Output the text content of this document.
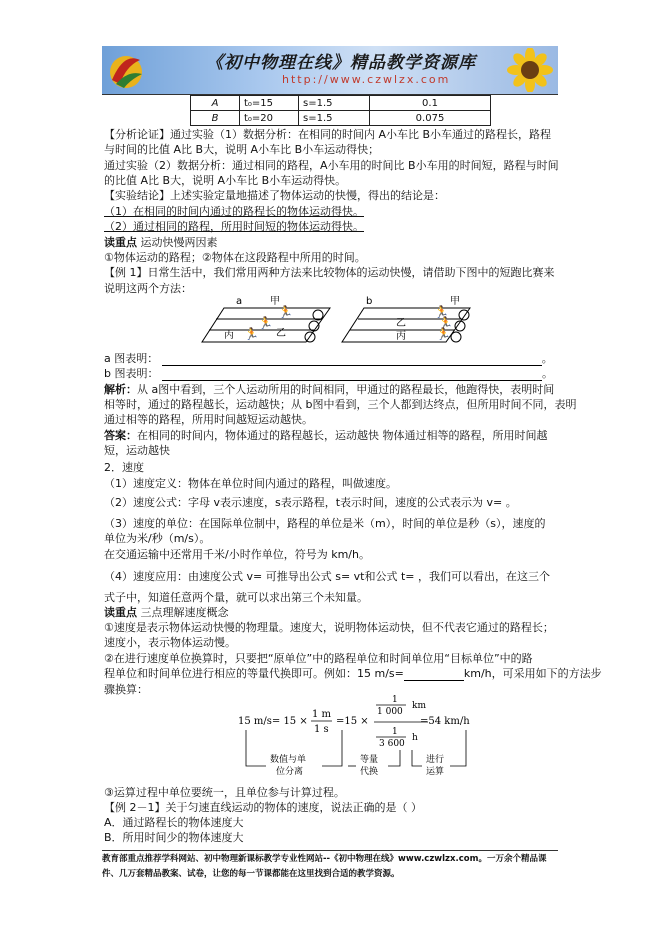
《初中物理在线》精品教学资源库
http://www.czwlzx.com
A	t₀=15	s=1.5	0.1
B	t₀=20	s=1.5	0.075
【分析论证】通过实验（1）数据分析：在相同的时间内 A小车比 B小车通过的路程长，路程
与时间的比值 A比 B大，说明 A小车比 B小车运动得快；
通过实验（2）数据分析：通过相同的路程，A小车用的时间比 B小车用的时间短，路程与时间
的比值 A比 B大，说明 A小车比 B小车运动得快。
【实验结论】上述实验定量地描述了物体运动的快慢，得出的结论是：
（1）在相同的时间内通过的路程长的物体运动得快。
（2）通过相同的路程，所用时间短的物体运动得快。
读重点 运动快慢两因素
①物体运动的路程；②物体在这段路程中所用的时间。
【例 1】日常生活中，我们常用两种方法来比较物体的运动快慢，请借助下图中的短跑比赛来
说明这两个方法：
🏃
🏃
🏃
🏃
🏃
🏃
a	甲
乙
丙
b	甲
乙
丙
a 图表明：	。
b 图表明：	。
解析：从 a图中看到，三个人运动所用的时间相同，甲通过的路程最长，他跑得快，表明时间
相等时，通过的路程越长，运动越快；从 b图中看到，三个人都到达终点，但所用时间不同，表明
通过相等的路程，所用时间越短运动越快。
答案：在相同的时间内，物体通过的路程越长，运动越快 物体通过相等的路程，所用时间越
短，运动越快
2．速度
（1）速度定义：物体在单位时间内通过的路程，叫做速度。
（2）速度公式：字母 v表示速度，s表示路程，t表示时间，速度的公式表示为 v= 。
（3）速度的单位：在国际单位制中，路程的单位是米（m），时间的单位是秒（s），速度的
单位为米/秒（m/s）。
在交通运输中还常用千米/小时作单位，符号为 km/h。
（4）速度应用：由速度公式 v= 可推导出公式 s= vt和公式 t= ，我们可以看出，在这三个
式子中，知道任意两个量，就可以求出第三个未知量。
读重点 三点理解速度概念
①速度是表示物体运动快慢的物理量。速度大，说明物体运动快，但不代表它通过的路程长；
速度小，表示物体运动慢。
②在进行速度单位换算时，只要把“原单位”中的路程单位和时间单位用“目标单位”中的路
程单位和时间单位进行相应的等量代换即可。例如：15 m/s=	km/h，可采用如下的方法步
骤换算：
15 m/s= 15 ×
1 m
1 s
=15 ×
1
1 000
km
1
3 600
h
=54 km/h
数值与单
位分离
等量
代换
进行
运算
③运算过程中单位要统一，且单位参与计算过程。
【例 2－1】关于匀速直线运动的物体的速度，说法正确的是（ ）
A．通过路程长的物体速度大
B．所用时间少的物体速度大
教育部重点推荐学科网站、初中物理新课标教学专业性网站--《初中物理在线》www.czwlzx.com。一万余个精品课
件、几万套精品教案、试卷，让您的每一节课都能在这里找到合适的教学资源。
